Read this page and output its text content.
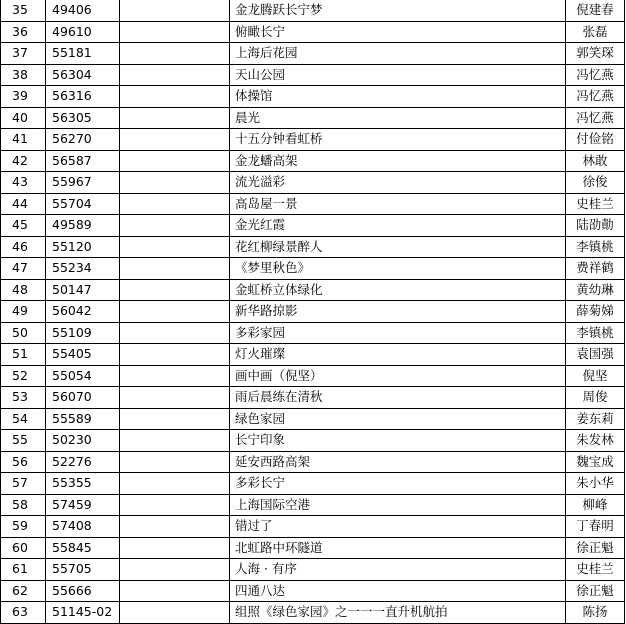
35	49406		金龙腾跃长宁梦	倪建春
36	49610		俯瞰长宁	张磊
37	55181		上海后花园	郭笑琛
38	56304		天山公园	冯忆燕
39	56316		体操馆	冯忆燕
40	56305		晨光	冯忆燕
41	56270		十五分钟看虹桥	付俭铭
42	56587		金龙蟠高架	林敢
43	55967		流光溢彩	徐俊
44	55704		高岛屋一景	史桂兰
45	49589		金光红霞	陆劭勣
46	55120		花红柳绿景醉人	李镇桃
47	55234		《梦里秋色》	费祥鹤
48	50147		金虹桥立体绿化	黄幼琳
49	56042		新华路掠影	薛菊娣
50	55109		多彩家园	李镇桃
51	55405		灯火璀璨	袁国强
52	55054		画中画（倪坚）	倪坚
53	56070		雨后晨练在清秋	周俊
54	55589		绿色家园	姜东莉
55	50230		长宁印象	朱发林
56	52276		延安西路高架	魏宝成
57	55355		多彩长宁	朱小华
58	57459		上海国际空港	柳峰
59	57408		错过了	丁春明
60	55845		北虹路中环隧道	徐正魁
61	55705		人海 · 有序	史桂兰
62	55666		四通八达	徐正魁
63	51145-02		组照《绿色家园》之一一一直升机航拍	陈扬
